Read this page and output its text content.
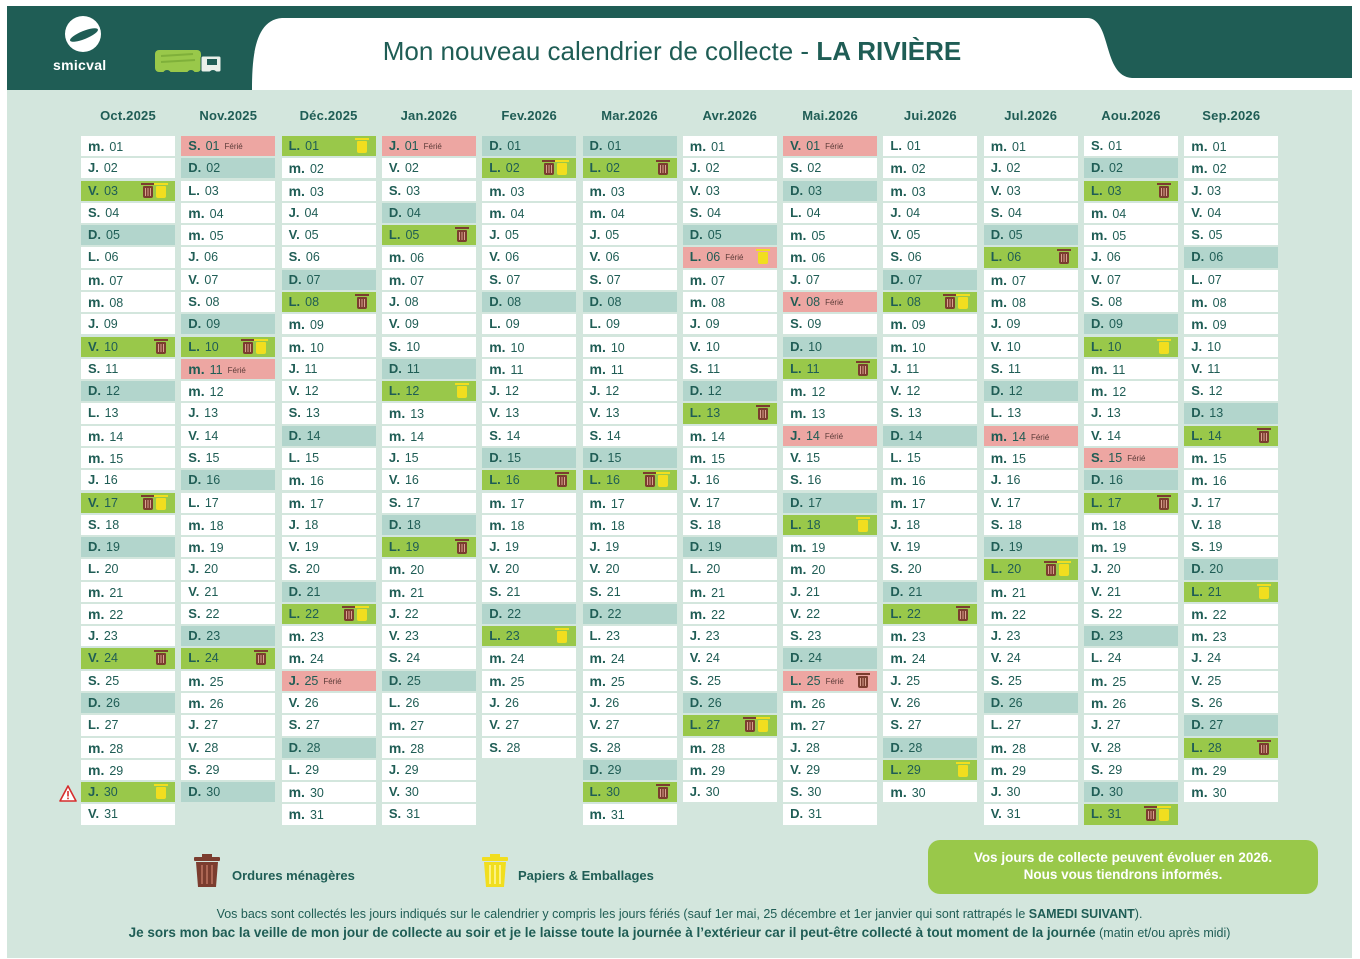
smicval	Mon nouveau calendrier de collecte - LA RIVIÈRE
Oct.2025
m. 01
J. 02
V. 03
S. 04
D. 05
L. 06
m. 07
m. 08
J. 09
V. 10
S. 11
D. 12
L. 13
m. 14
m. 15
J. 16
V. 17
S. 18
D. 19
L. 20
m. 21
m. 22
J. 23
V. 24
S. 25
D. 26
L. 27
m. 28
m. 29
J. 30
V. 31
Nov.2025
S. 01 Férié
D. 02
L. 03
m. 04
m. 05
J. 06
V. 07
S. 08
D. 09
L. 10
m. 11 Férié
m. 12
J. 13
V. 14
S. 15
D. 16
L. 17
m. 18
m. 19
J. 20
V. 21
S. 22
D. 23
L. 24
m. 25
m. 26
J. 27
V. 28
S. 29
D. 30
Déc.2025
L. 01
m. 02
m. 03
J. 04
V. 05
S. 06
D. 07
L. 08
m. 09
m. 10
J. 11
V. 12
S. 13
D. 14
L. 15
m. 16
m. 17
J. 18
V. 19
S. 20
D. 21
L. 22
m. 23
m. 24
J. 25 Férié
V. 26
S. 27
D. 28
L. 29
m. 30
m. 31
Jan.2026
J. 01 Férié
V. 02
S. 03
D. 04
L. 05
m. 06
m. 07
J. 08
V. 09
S. 10
D. 11
L. 12
m. 13
m. 14
J. 15
V. 16
S. 17
D. 18
L. 19
m. 20
m. 21
J. 22
V. 23
S. 24
D. 25
L. 26
m. 27
m. 28
J. 29
V. 30
S. 31
Fev.2026
D. 01
L. 02
m. 03
m. 04
J. 05
V. 06
S. 07
D. 08
L. 09
m. 10
m. 11
J. 12
V. 13
S. 14
D. 15
L. 16
m. 17
m. 18
J. 19
V. 20
S. 21
D. 22
L. 23
m. 24
m. 25
J. 26
V. 27
S. 28
Mar.2026
D. 01
L. 02
m. 03
m. 04
J. 05
V. 06
S. 07
D. 08
L. 09
m. 10
m. 11
J. 12
V. 13
S. 14
D. 15
L. 16
m. 17
m. 18
J. 19
V. 20
S. 21
D. 22
L. 23
m. 24
m. 25
J. 26
V. 27
S. 28
D. 29
L. 30
m. 31
Avr.2026
m. 01
J. 02
V. 03
S. 04
D. 05
L. 06 Férié
m. 07
m. 08
J. 09
V. 10
S. 11
D. 12
L. 13
m. 14
m. 15
J. 16
V. 17
S. 18
D. 19
L. 20
m. 21
m. 22
J. 23
V. 24
S. 25
D. 26
L. 27
m. 28
m. 29
J. 30
Mai.2026
V. 01 Férié
S. 02
D. 03
L. 04
m. 05
m. 06
J. 07
V. 08 Férié
S. 09
D. 10
L. 11
m. 12
m. 13
J. 14 Férié
V. 15
S. 16
D. 17
L. 18
m. 19
m. 20
J. 21
V. 22
S. 23
D. 24
L. 25 Férié
m. 26
m. 27
J. 28
V. 29
S. 30
D. 31
Jui.2026
L. 01
m. 02
m. 03
J. 04
V. 05
S. 06
D. 07
L. 08
m. 09
m. 10
J. 11
V. 12
S. 13
D. 14
L. 15
m. 16
m. 17
J. 18
V. 19
S. 20
D. 21
L. 22
m. 23
m. 24
J. 25
V. 26
S. 27
D. 28
L. 29
m. 30
Jul.2026
m. 01
J. 02
V. 03
S. 04
D. 05
L. 06
m. 07
m. 08
J. 09
V. 10
S. 11
D. 12
L. 13
m. 14 Férié
m. 15
J. 16
V. 17
S. 18
D. 19
L. 20
m. 21
m. 22
J. 23
V. 24
S. 25
D. 26
L. 27
m. 28
m. 29
J. 30
V. 31
Aou.2026
S. 01
D. 02
L. 03
m. 04
m. 05
J. 06
V. 07
S. 08
D. 09
L. 10
m. 11
m. 12
J. 13
V. 14
S. 15 Férié
D. 16
L. 17
m. 18
m. 19
J. 20
V. 21
S. 22
D. 23
L. 24
m. 25
m. 26
J. 27
V. 28
S. 29
D. 30
L. 31
Sep.2026
m. 01
m. 02
J. 03
V. 04
S. 05
D. 06
L. 07
m. 08
m. 09
J. 10
V. 11
S. 12
D. 13
L. 14
m. 15
m. 16
J. 17
V. 18
S. 19
D. 20
L. 21
m. 22
m. 23
J. 24
V. 25
S. 26
D. 27
L. 28
m. 29
m. 30
Ordures ménagères	Papiers & Emballages
Vos jours de collecte peuvent évoluer en 2026.
Nous vous tiendrons informés.
Vos bacs sont collectés les jours indiqués sur le calendrier y compris les jours fériés (sauf 1er mai, 25 décembre et 1er janvier qui sont rattrapés le SAMEDI SUIVANT).
Je sors mon bac la veille de mon jour de collecte au soir et je le laisse toute la journée à l’extérieur car il peut-être collecté à tout moment de la journée (matin et/ou après midi)
